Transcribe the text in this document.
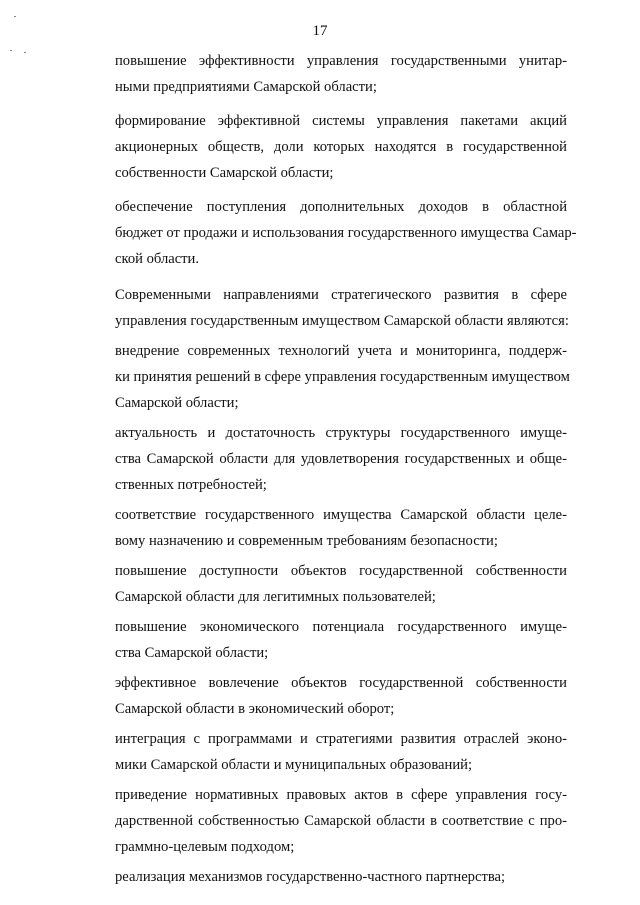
17

повышение эффективности управления государственными унитар-
ными предприятиями Самарской области;

формирование эффективной системы управления пакетами акций
акционерных обществ, доли которых находятся в государственной
собственности Самарской области;

обеспечение поступления дополнительных доходов в областной
бюджет от продажи и использования государственного имущества Самар-
ской области.

Современными направлениями стратегического развития в сфере
управления государственным имуществом Самарской области являются:

внедрение современных технологий учета и мониторинга, поддерж-
ки принятия решений в сфере управления государственным имуществом
Самарской области;

актуальность и достаточность структуры государственного имуще-
ства Самарской области для удовлетворения государственных и обще-
ственных потребностей;

соответствие государственного имущества Самарской области целе-
вому назначению и современным требованиям безопасности;

повышение доступности объектов государственной собственности
Самарской области для легитимных пользователей;

повышение экономического потенциала государственного имуще-
ства Самарской области;

эффективное вовлечение объектов государственной собственности
Самарской области в экономический оборот;

интеграция с программами и стратегиями развития отраслей эконо-
мики Самарской области и муниципальных образований;

приведение нормативных правовых актов в сфере управления госу-
дарственной собственностью Самарской области в соответствие с про-
граммно-целевым подходом;

реализация механизмов государственно-частного партнерства;
